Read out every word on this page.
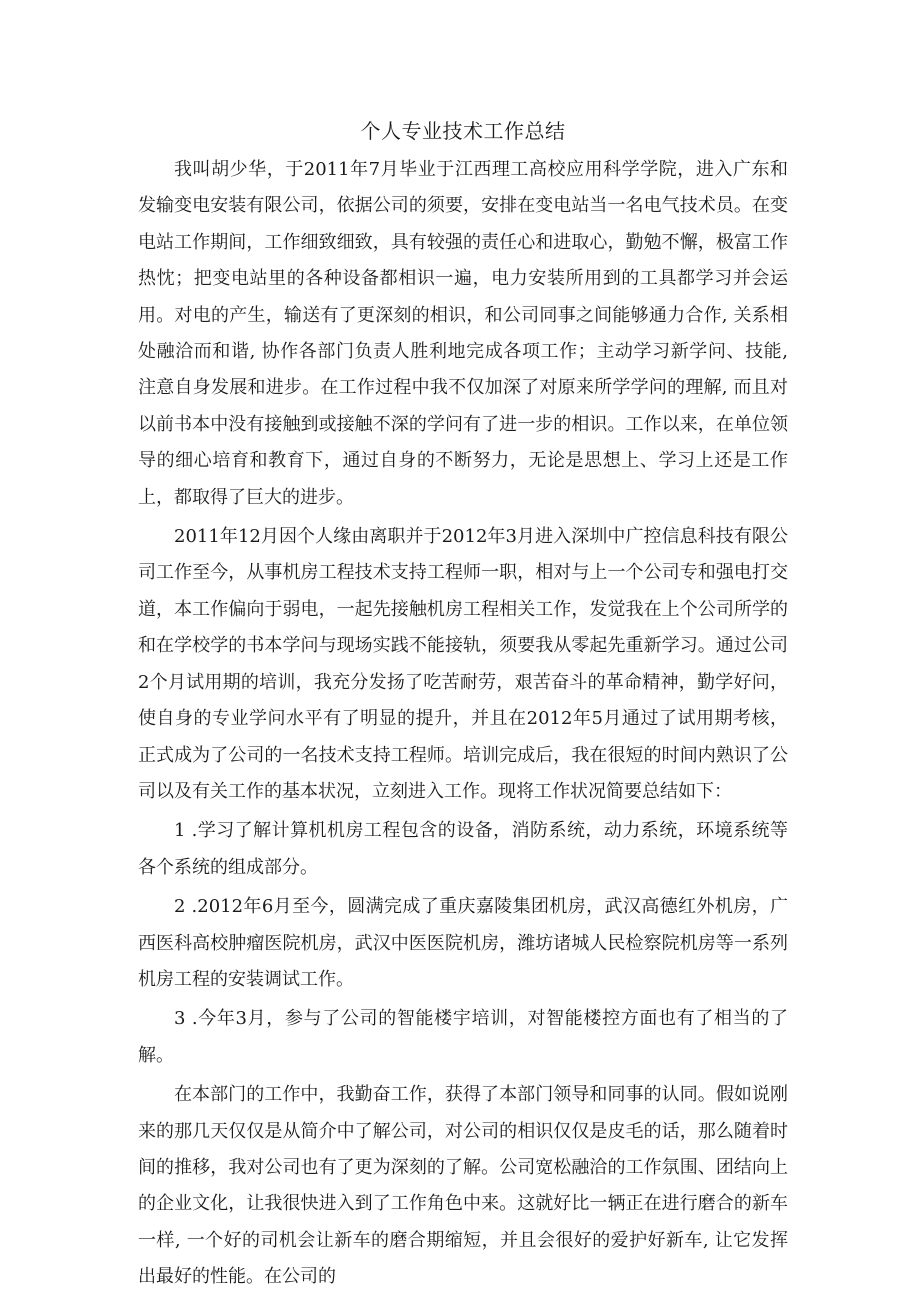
个人专业技术工作总结

我叫胡少华，于2011年7月毕业于江西理工高校应用科学学院，进入广东和发输变电安装有限公司，依据公司的须要，安排在变电站当一名电气技术员。在变电站工作期间，工作细致细致，具有较强的责任心和进取心，勤勉不懈，极富工作热忱；把变电站里的各种设备都相识一遍，电力安装所用到的工具都学习并会运用。对电的产生，输送有了更深刻的相识，和公司同事之间能够通力合作, 关系相处融洽而和谐, 协作各部门负责人胜利地完成各项工作；主动学习新学问、技能, 注意自身发展和进步。在工作过程中我不仅加深了对原来所学学问的理解, 而且对以前书本中没有接触到或接触不深的学问有了进一步的相识。工作以来，在单位领导的细心培育和教育下，通过自身的不断努力，无论是思想上、学习上还是工作上，都取得了巨大的进步。

2011年12月因个人缘由离职并于2012年3月进入深圳中广控信息科技有限公司工作至今，从事机房工程技术支持工程师一职，相对与上一个公司专和强电打交道，本工作偏向于弱电，一起先接触机房工程相关工作，发觉我在上个公司所学的和在学校学的书本学问与现场实践不能接轨，须要我从零起先重新学习。通过公司2个月试用期的培训，我充分发扬了吃苦耐劳，艰苦奋斗的革命精神，勤学好问，使自身的专业学问水平有了明显的提升，并且在2012年5月通过了试用期考核，正式成为了公司的一名技术支持工程师。培训完成后，我在很短的时间内熟识了公司以及有关工作的基本状况，立刻进入工作。现将工作状况简要总结如下：

1 .学习了解计算机机房工程包含的设备，消防系统，动力系统，环境系统等各个系统的组成部分。

2 .2012年6月至今，圆满完成了重庆嘉陵集团机房，武汉高德红外机房，广西医科高校肿瘤医院机房，武汉中医医院机房，潍坊诸城人民检察院机房等一系列机房工程的安装调试工作。

3 .今年3月，参与了公司的智能楼宇培训，对智能楼控方面也有了相当的了解。

在本部门的工作中，我勤奋工作，获得了本部门领导和同事的认同。假如说刚来的那几天仅仅是从简介中了解公司，对公司的相识仅仅是皮毛的话，那么随着时间的推移，我对公司也有了更为深刻的了解。公司宽松融洽的工作氛围、团结向上的企业文化，让我很快进入到了工作角色中来。这就好比一辆正在进行磨合的新车一样, 一个好的司机会让新车的磨合期缩短，并且会很好的爱护好新车, 让它发挥出最好的性能。在公司的
